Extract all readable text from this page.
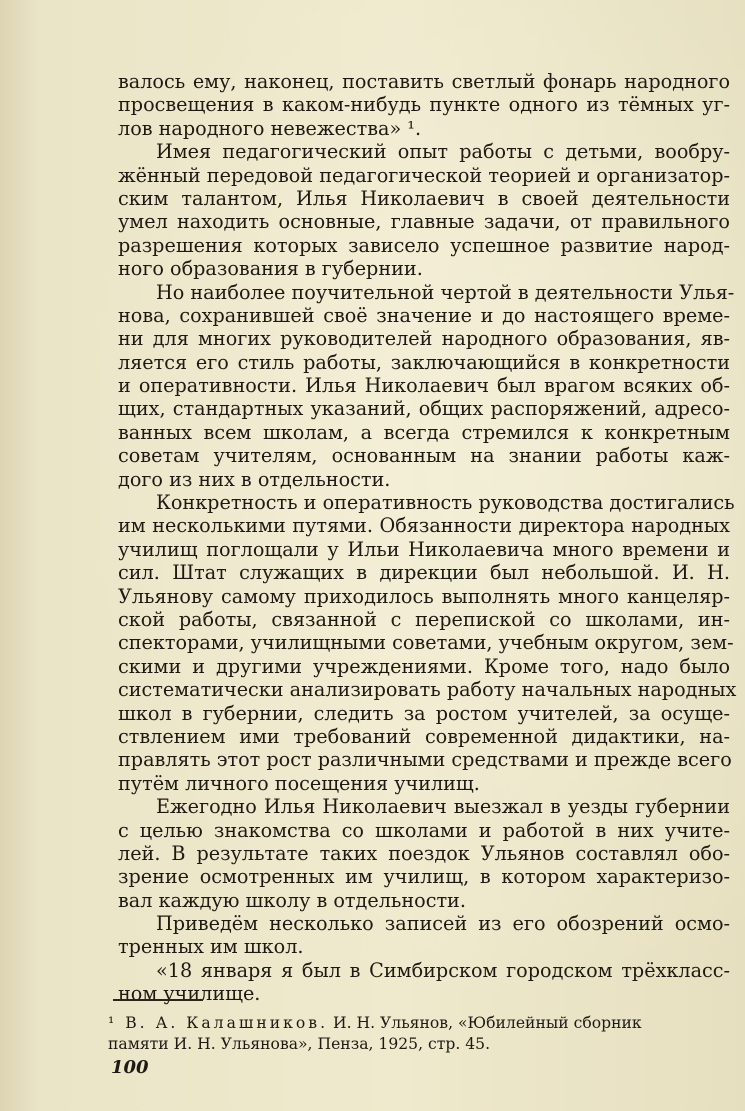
валось ему, наконец, поставить светлый фонарь народного
просвещения в каком-нибудь пункте одного из тёмных уг-
лов народного невежества» ¹.
Имея педагогический опыт работы с детьми, вообру-
жённый передовой педагогической теорией и организатор-
ским талантом, Илья Николаевич в своей деятельности
умел находить основные, главные задачи, от правильного
разрешения которых зависело успешное развитие народ-
ного образования в губернии.
Но наиболее поучительной чертой в деятельности Улья-
нова, сохранившей своё значение и до настоящего време-
ни для многих руководителей народного образования, яв-
ляется его стиль работы, заключающийся в конкретности
и оперативности. Илья Николаевич был врагом всяких об-
щих, стандартных указаний, общих распоряжений, адресо-
ванных всем школам, а всегда стремился к конкретным
советам учителям, основанным на знании работы каж-
дого из них в отдельности.
Конкретность и оперативность руководства достигались
им несколькими путями. Обязанности директора народных
училищ поглощали у Ильи Николаевича много времени и
сил. Штат служащих в дирекции был небольшой. И. Н.
Ульянову самому приходилось выполнять много канцеляр-
ской работы, связанной с перепиской со школами, ин-
спекторами, училищными советами, учебным округом, зем-
скими и другими учреждениями. Кроме того, надо было
систематически анализировать работу начальных народных
школ в губернии, следить за ростом учителей, за осуще-
ствлением ими требований современной дидактики, на-
правлять этот рост различными средствами и прежде всего
путём личного посещения училищ.
Ежегодно Илья Николаевич выезжал в уезды губернии
с целью знакомства со школами и работой в них учите-
лей. В результате таких поездок Ульянов составлял обо-
зрение осмотренных им училищ, в котором характеризо-
вал каждую школу в отдельности.
Приведём несколько записей из его обозрений осмо-
тренных им школ.
«18 января я был в Симбирском городском трёхкласс-
ном училище.
¹ В. А. Калашников. И. Н. Ульянов, «Юбилейный сборник
памяти И. Н. Ульянова», Пенза, 1925, стр. 45.
100
